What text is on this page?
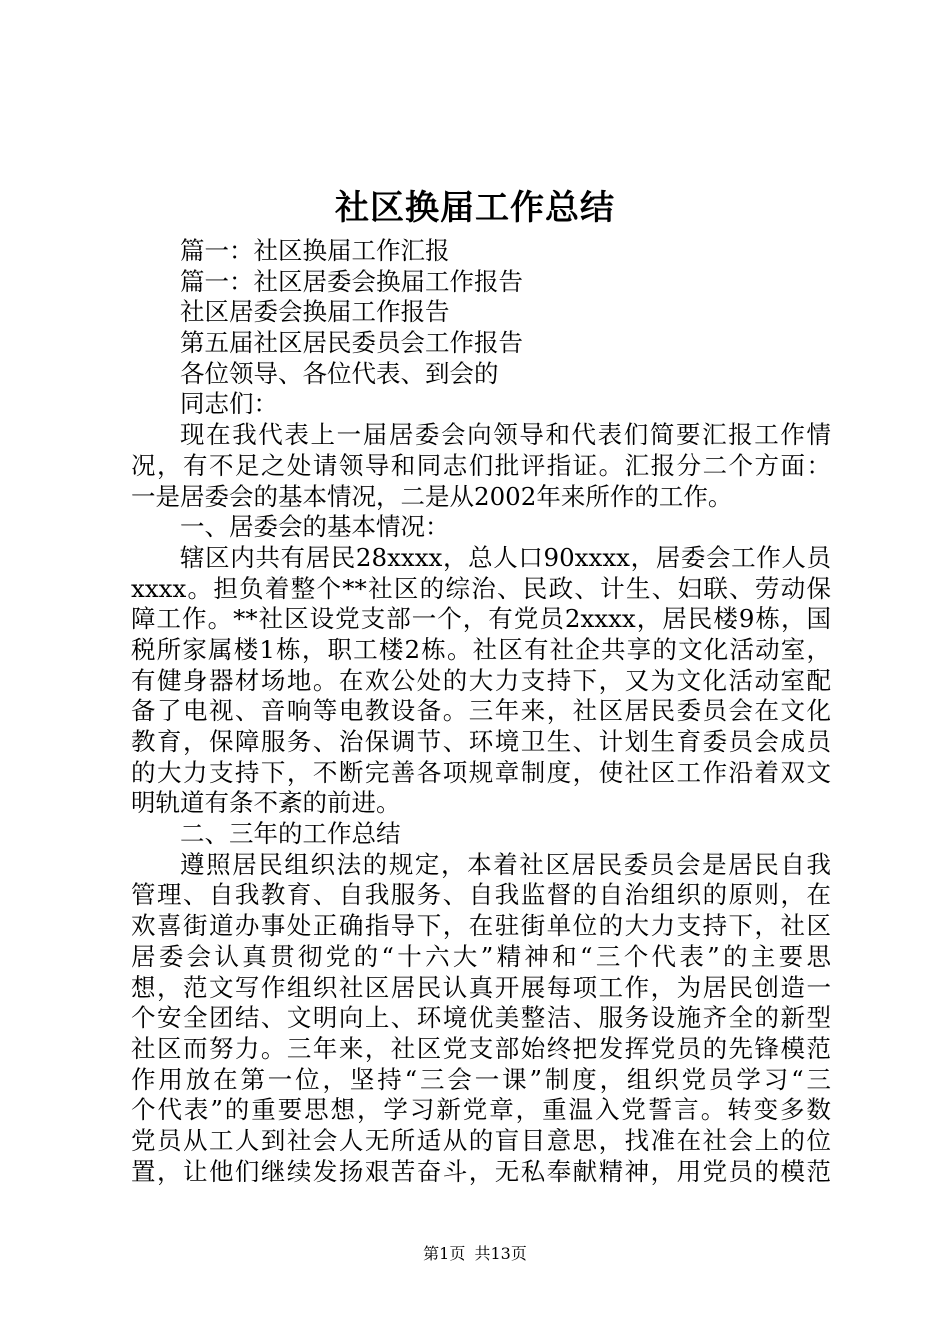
社区换届工作总结
篇一：社区换届工作汇报
篇一：社区居委会换届工作报告
社区居委会换届工作报告
第五届社区居民委员会工作报告
各位领导、各位代表、到会的
同志们：
现在我代表上一届居委会向领导和代表们简要汇报工作情
况，有不足之处请领导和同志们批评指证。汇报分二个方面：
一是居委会的基本情况，二是从2002年来所作的工作。
一、居委会的基本情况：
辖区内共有居民28xxxx，总人口90xxxx，居委会工作人员
xxxx。担负着整个**社区的综治、民政、计生、妇联、劳动保
障工作。**社区设党支部一个，有党员2xxxx，居民楼9栋，国
税所家属楼1栋，职工楼2栋。社区有社企共享的文化活动室，
有健身器材场地。在欢公处的大力支持下，又为文化活动室配
备了电视、音响等电教设备。三年来，社区居民委员会在文化
教育，保障服务、治保调节、环境卫生、计划生育委员会成员
的大力支持下，不断完善各项规章制度，使社区工作沿着双文
明轨道有条不紊的前进。
二、三年的工作总结
遵照居民组织法的规定，本着社区居民委员会是居民自我
管理、自我教育、自我服务、自我监督的自治组织的原则，在
欢喜街道办事处正确指导下，在驻街单位的大力支持下，社区
居委会认真贯彻党的“十六大”精神和“三个代表”的主要思
想，范文写作组织社区居民认真开展每项工作，为居民创造一
个安全团结、文明向上、环境优美整洁、服务设施齐全的新型
社区而努力。三年来，社区党支部始终把发挥党员的先锋模范
作用放在第一位，坚持“三会一课”制度，组织党员学习“三
个代表”的重要思想，学习新党章，重温入党誓言。转变多数
党员从工人到社会人无所适从的盲目意思，找准在社会上的位
置，让他们继续发扬艰苦奋斗，无私奉献精神，用党员的模范
第1页 共13页
